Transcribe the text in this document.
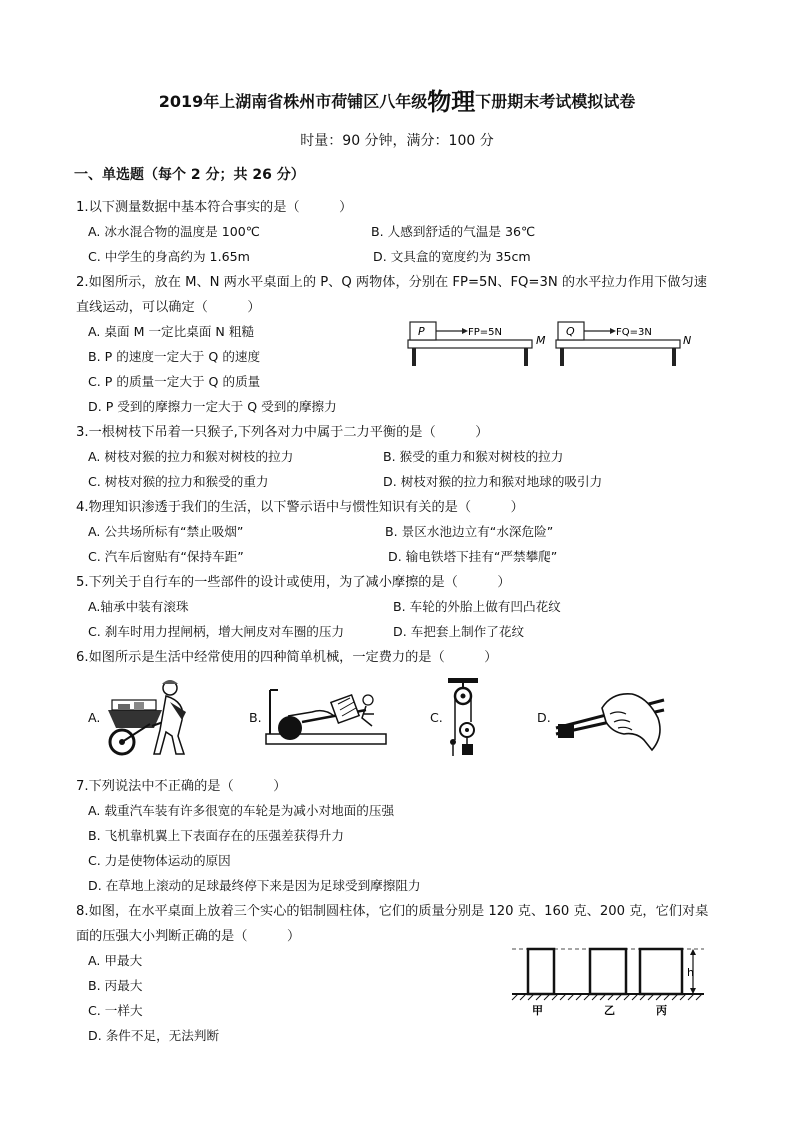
2019年上湖南省株州市荷铺区八年级物理下册期末考试模拟试卷
时量：90 分钟，满分：100 分
一、单选题（每个 2 分；共 26 分）
1.以下测量数据中基本符合事实的是（　　　）
A. 冰水混合物的温度是 100℃	B. 人感到舒适的气温是 36℃
C. 中学生的身高约为 1.65m	D. 文具盒的宽度约为 35cm
2.如图所示，放在 M、N 两水平桌面上的 P、Q 两物体，分别在 FP=5N、FQ=3N 的水平拉力作用下做匀速
直线运动，可以确定（　　　）
A. 桌面 M 一定比桌面 N 粗糙
B. P 的速度一定大于 Q 的速度
C. P 的质量一定大于 Q 的质量
D. P 受到的摩擦力一定大于 Q 受到的摩擦力
P	FP=5N
M
Q	FQ=3N
N
3.一根树枝下吊着一只猴子,下列各对力中属于二力平衡的是（　　　）
A. 树枝对猴的拉力和猴对树枝的拉力	B. 猴受的重力和猴对树枝的拉力
C. 树枝对猴的拉力和猴受的重力	D. 树枝对猴的拉力和猴对地球的吸引力
4.物理知识渗透于我们的生活，以下警示语中与惯性知识有关的是（　　　）
A. 公共场所标有“禁止吸烟”	B. 景区水池边立有“水深危险”
C. 汽车后窗贴有“保持车距”	D. 输电铁塔下挂有“严禁攀爬”
5.下列关于自行车的一些部件的设计或使用，为了减小摩擦的是（　　　）
A.轴承中装有滚珠	B. 车轮的外胎上做有凹凸花纹
C. 刹车时用力捏闸柄，增大闸皮对车圈的压力	D. 车把套上制作了花纹
6.如图所示是生活中经常使用的四种简单机械，一定费力的是（　　　）
A.	B.	C.	D.
7.下列说法中不正确的是（　　　）
A. 载重汽车装有许多很宽的车轮是为减小对地面的压强
B. 飞机靠机翼上下表面存在的压强差获得升力
C. 力是使物体运动的原因
D. 在草地上滚动的足球最终停下来是因为足球受到摩擦阻力
8.如图，在水平桌面上放着三个实心的铝制圆柱体，它们的质量分别是 120 克、160 克、200 克，它们对桌
面的压强大小判断正确的是（　　　）
A. 甲最大
B. 丙最大
C. 一样大
D. 条件不足，无法判断
h
甲	乙	丙
